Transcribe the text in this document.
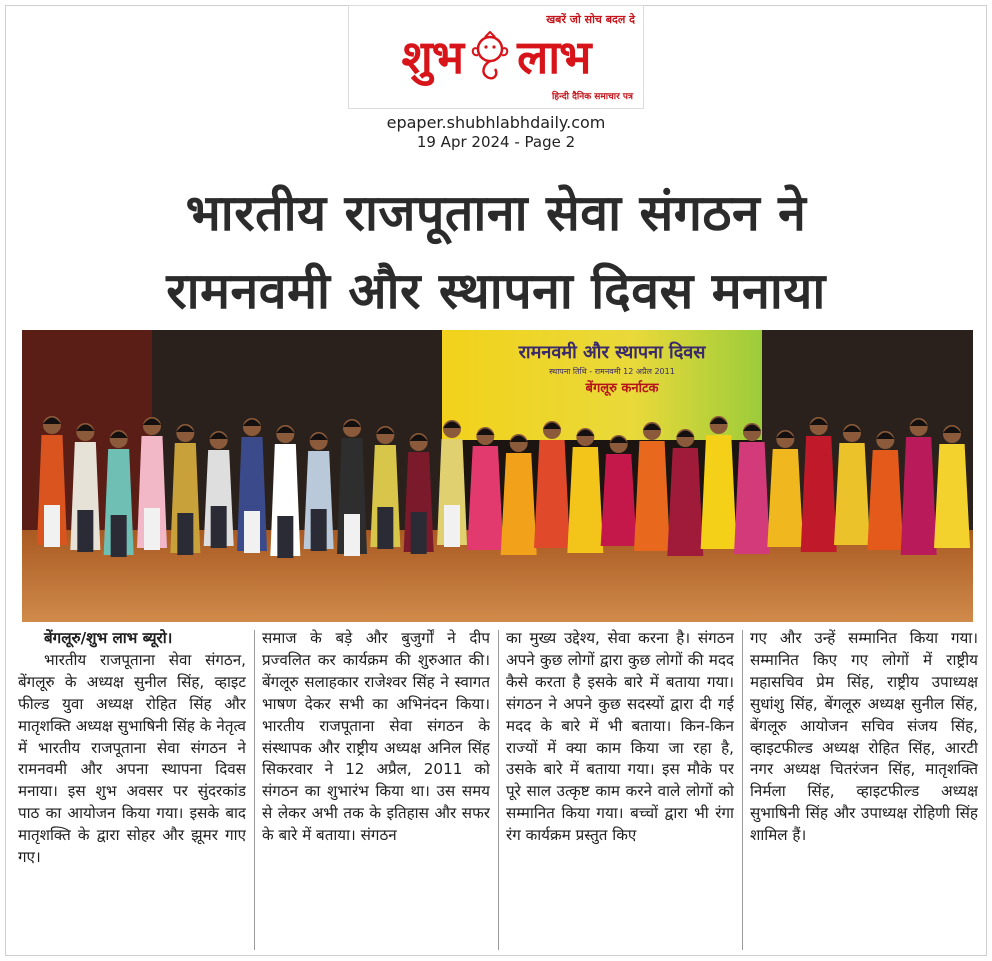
खबरें जो सोच बदल दे
शुभ लाभ
हिन्दी दैनिक समाचार पत्र
epaper.shubhlabhdaily.com
19 Apr 2024 - Page 2
भारतीय राजपूताना सेवा संगठन ने
रामनवमी और स्थापना दिवस मनाया
रामनवमी और स्थापना दिवस
स्थापना तिथि - रामनवमी 12 अप्रैल 2011
बेंगलूरु कर्नाटक
बेंगलूरु/शुभ लाभ ब्यूरो।
भारतीय राजपूताना सेवा संगठन, बेंगलूरु के अध्यक्ष सुनील सिंह, व्हाइट फील्ड युवा अध्यक्ष रोहित सिंह और मातृशक्ति अध्यक्ष सुभाषिनी सिंह के नेतृत्व में भारतीय राजपूताना सेवा संगठन ने रामनवमी और अपना स्थापना दिवस मनाया। इस शुभ अवसर पर सुंदरकांड पाठ का आयोजन किया गया। इसके बाद मातृशक्ति के द्वारा सोहर और झूमर गाए गए।
समाज के बड़े और बुजुर्गों ने दीप प्रज्वलित कर कार्यक्रम की शुरुआत की। बेंगलूरु सलाहकार राजेश्वर सिंह ने स्वागत भाषण देकर सभी का अभिनंदन किया। भारतीय राजपूताना सेवा संगठन के संस्थापक और राष्ट्रीय अध्यक्ष अनिल सिंह सिकरवार ने 12 अप्रैल, 2011 को संगठन का शुभारंभ किया था। उस समय से लेकर अभी तक के इतिहास और सफर के बारे में बताया। संगठन
का मुख्य उद्देश्य, सेवा करना है। संगठन अपने कुछ लोगों द्वारा कुछ लोगों की मदद कैसे करता है इसके बारे में बताया गया। संगठन ने अपने कुछ सदस्यों द्वारा दी गई मदद के बारे में भी बताया। किन-किन राज्यों में क्या काम किया जा रहा है, उसके बारे में बताया गया। इस मौके पर पूरे साल उत्कृष्ट काम करने वाले लोगों को सम्मानित किया गया। बच्चों द्वारा भी रंगा रंग कार्यक्रम प्रस्तुत किए
गए और उन्हें सम्मानित किया गया। सम्मानित किए गए लोगों में राष्ट्रीय महासचिव प्रेम सिंह, राष्ट्रीय उपाध्यक्ष सुधांशु सिंह, बेंगलूरु अध्यक्ष सुनील सिंह, बेंगलूरु आयोजन सचिव संजय सिंह, व्हाइटफील्ड अध्यक्ष रोहित सिंह, आरटी नगर अध्यक्ष चितरंजन सिंह, मातृशक्ति निर्मला सिंह, व्हाइटफील्ड अध्यक्ष सुभाषिनी सिंह और उपाध्यक्ष रोहिणी सिंह शामिल हैं।
